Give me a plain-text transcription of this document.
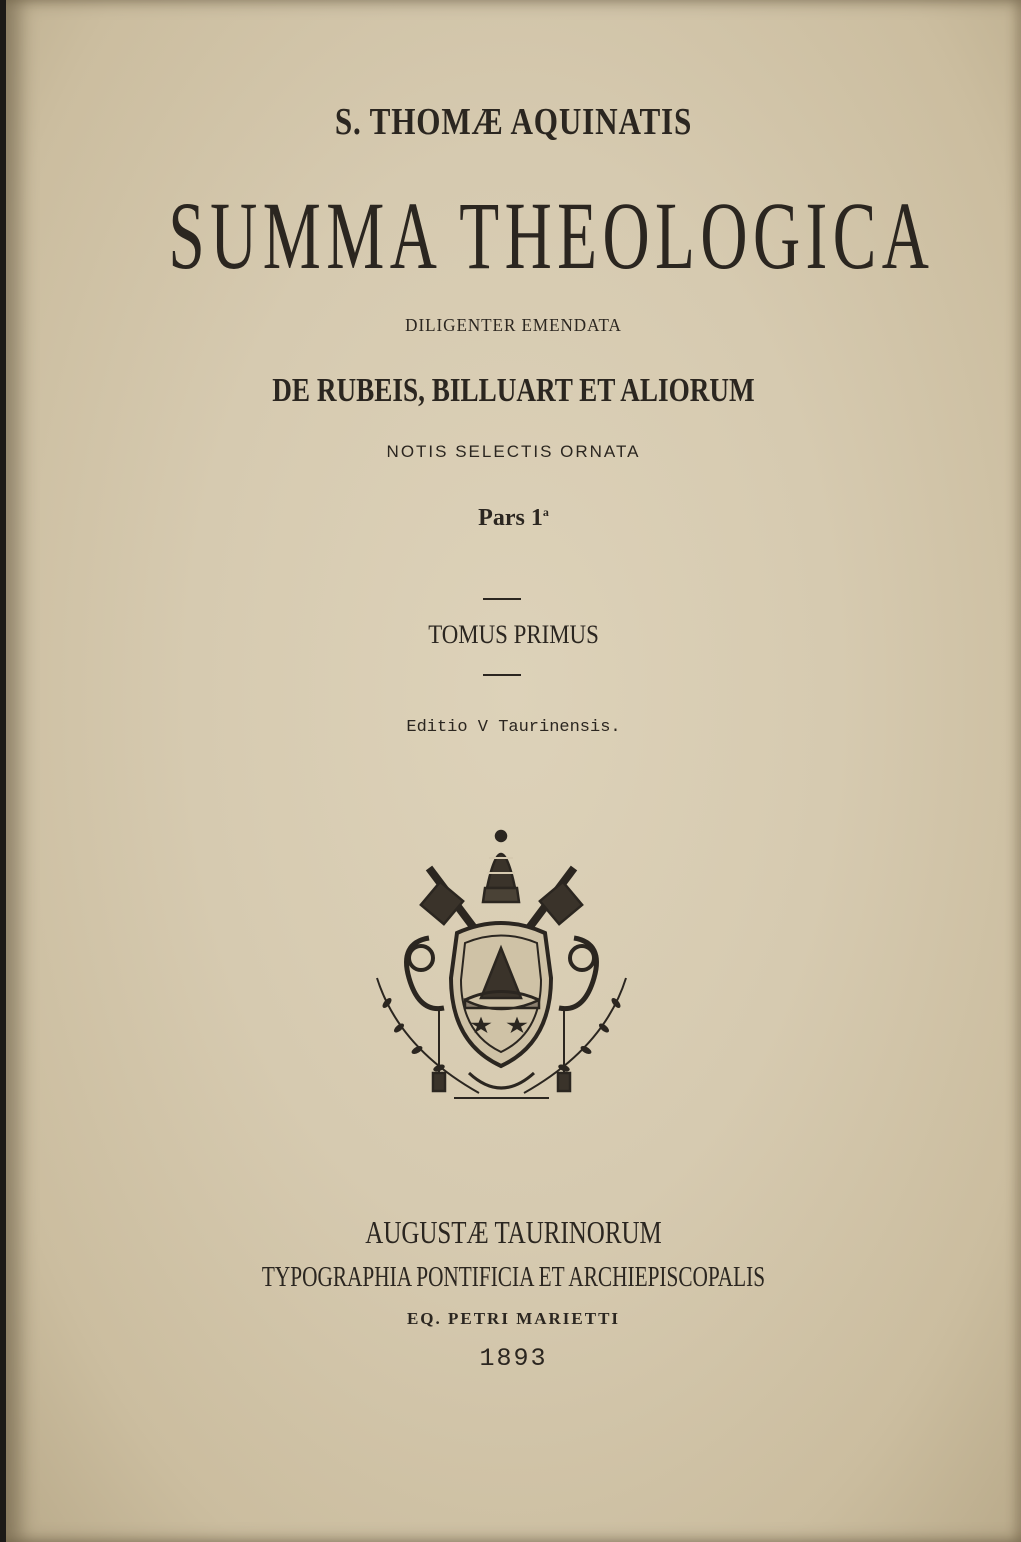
S. THOMÆ AQUINATIS
SUMMA THEOLOGICA
DILIGENTER EMENDATA
DE RUBEIS, BILLUART ET ALIORUM
NOTIS SELECTIS ORNATA
Pars 1$^a$
TOMUS PRIMUS
Editio V Taurinensis.
AUGUSTÆ TAURINORUM
TYPOGRAPHIA PONTIFICIA ET ARCHIEPISCOPALIS
EQ. PETRI MARIETTI
1893
